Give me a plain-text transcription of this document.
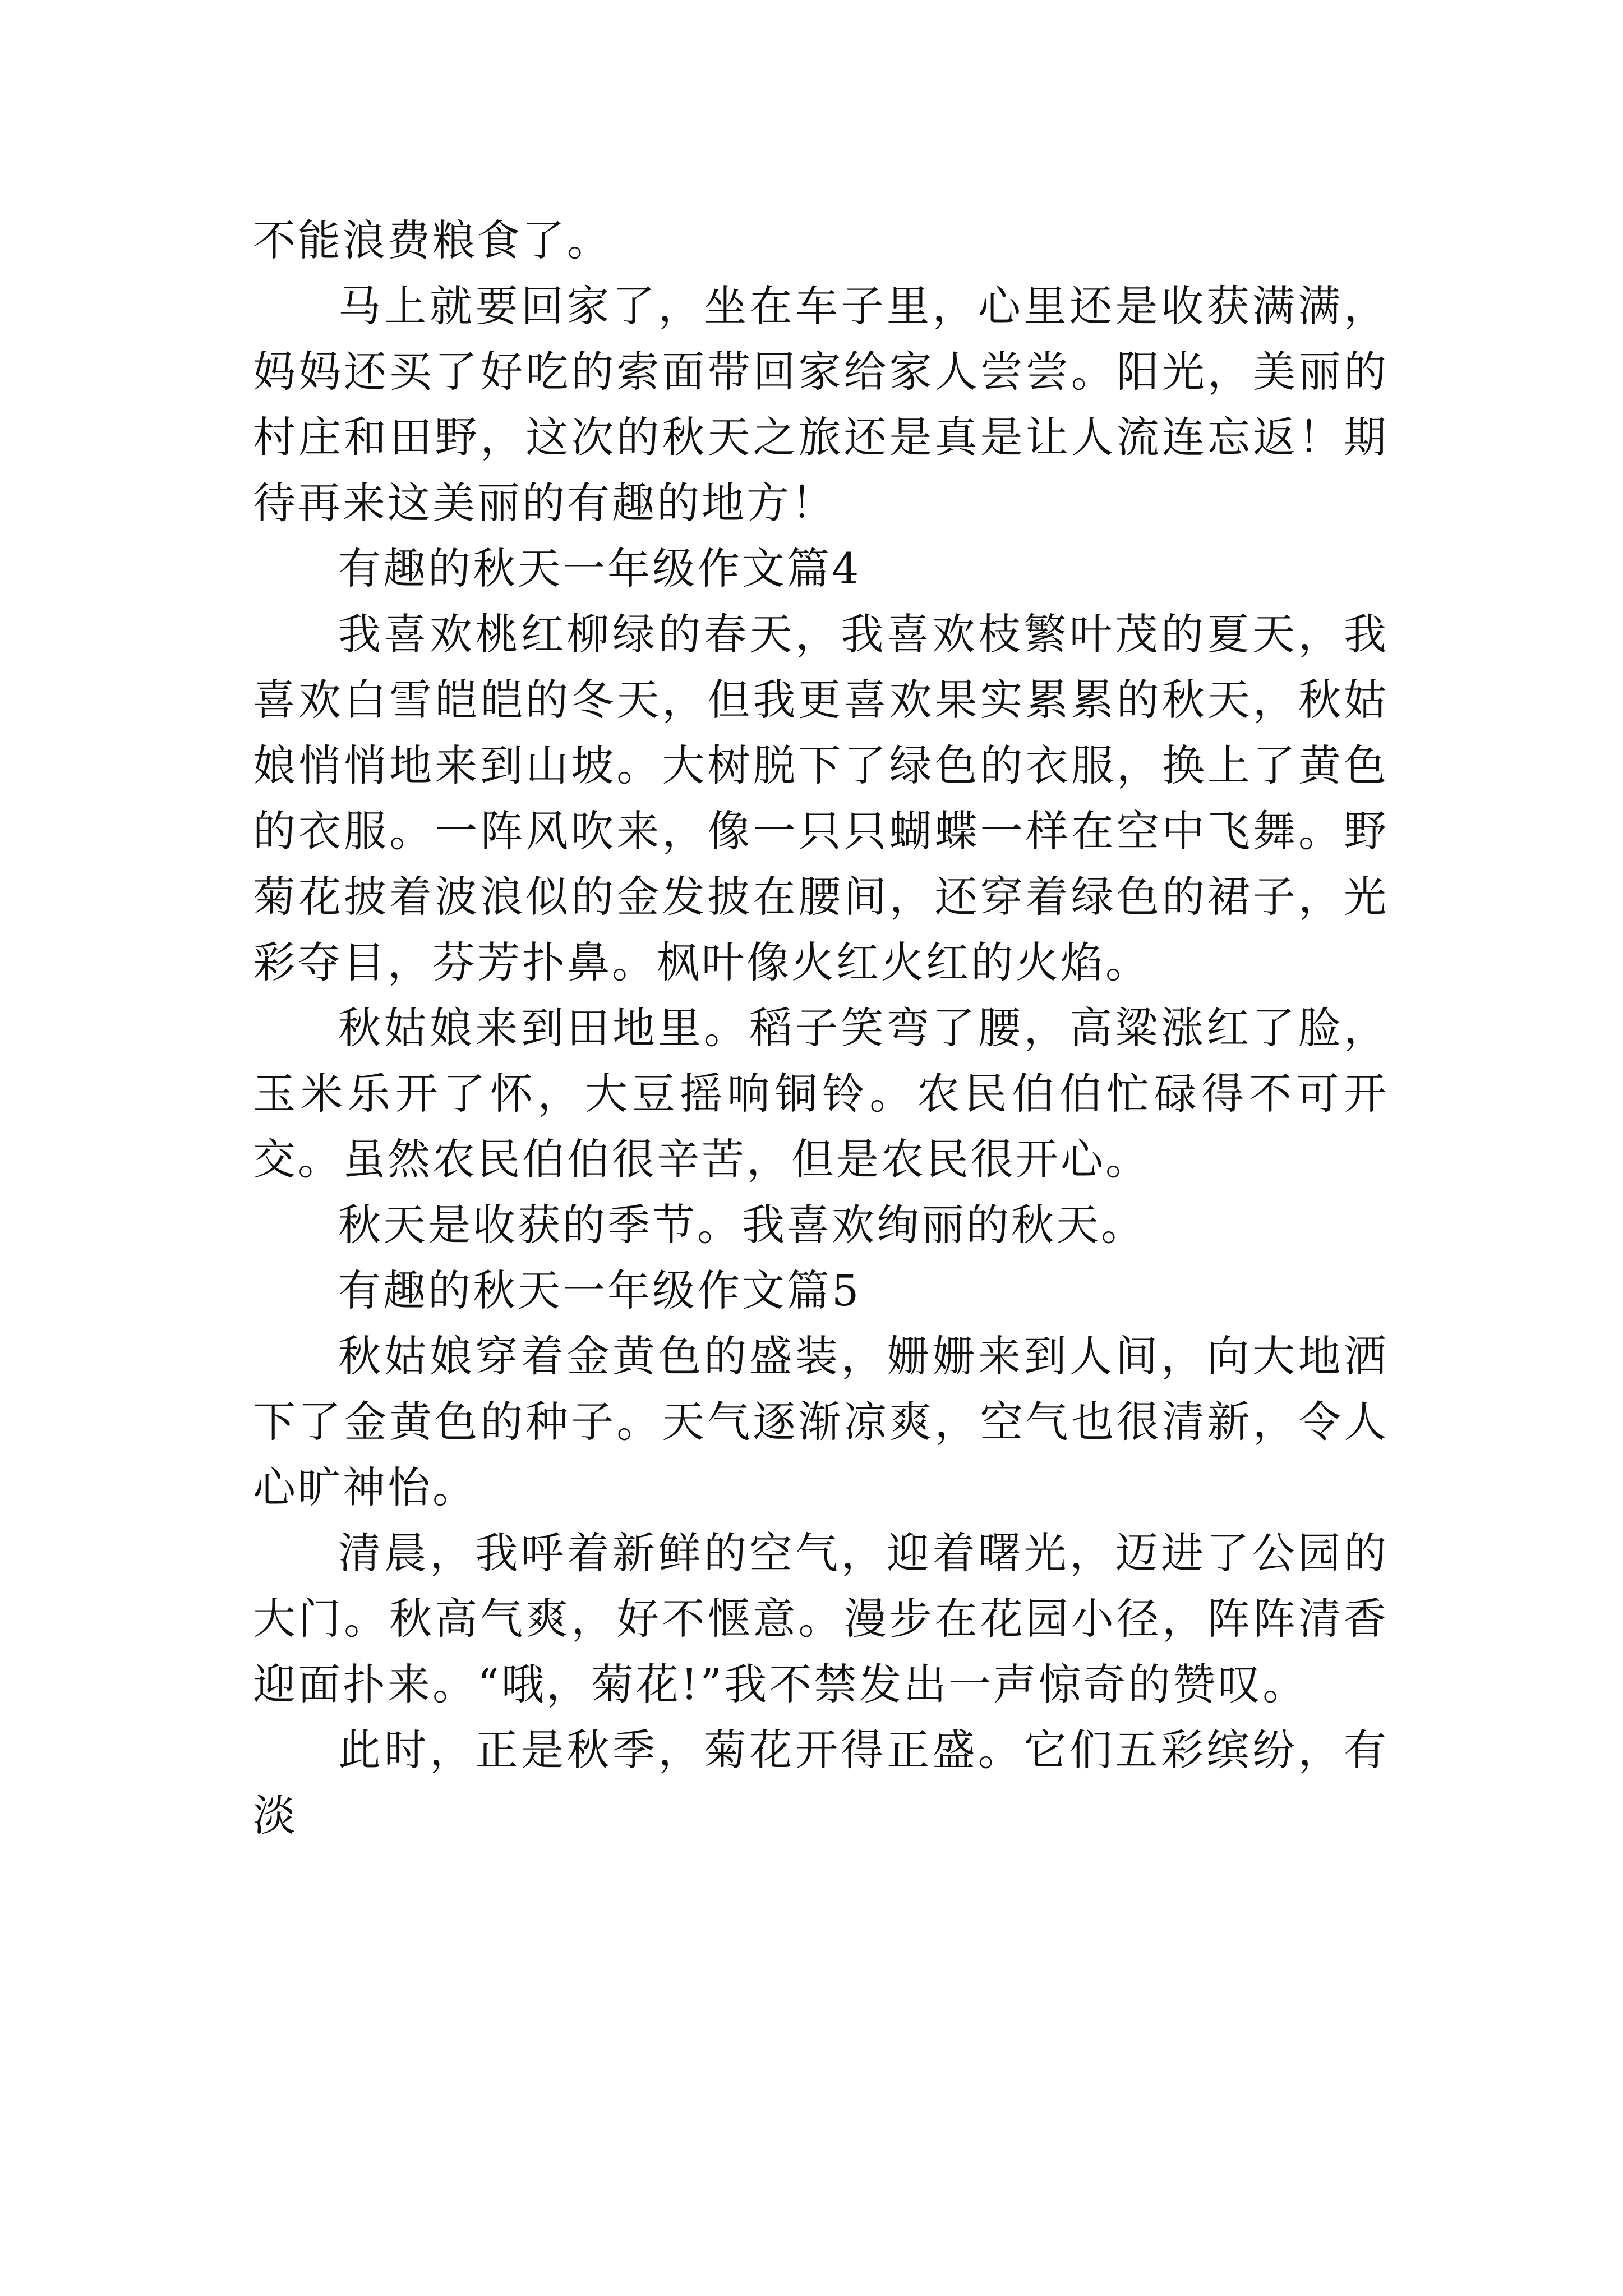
不能浪费粮食了。

马上就要回家了，坐在车子里，心里还是收获满满，妈妈还买了好吃的索面带回家给家人尝尝。阳光，美丽的村庄和田野，这次的秋天之旅还是真是让人流连忘返！期待再来这美丽的有趣的地方！

有趣的秋天一年级作文篇4

我喜欢桃红柳绿的春天，我喜欢枝繁叶茂的夏天，我喜欢白雪皑皑的冬天，但我更喜欢果实累累的秋天，秋姑娘悄悄地来到山坡。大树脱下了绿色的衣服，换上了黄色的衣服。一阵风吹来，像一只只蝴蝶一样在空中飞舞。野菊花披着波浪似的金发披在腰间，还穿着绿色的裙子，光彩夺目，芬芳扑鼻。枫叶像火红火红的火焰。

秋姑娘来到田地里。稻子笑弯了腰，高粱涨红了脸，玉米乐开了怀，大豆摇响铜铃。农民伯伯忙碌得不可开交。虽然农民伯伯很辛苦，但是农民很开心。

秋天是收获的季节。我喜欢绚丽的秋天。

有趣的秋天一年级作文篇5

秋姑娘穿着金黄色的盛装，姗姗来到人间，向大地洒下了金黄色的种子。天气逐渐凉爽，空气也很清新，令人心旷神怡。

清晨，我呼着新鲜的空气，迎着曙光，迈进了公园的大门。秋高气爽，好不惬意。漫步在花园小径，阵阵清香迎面扑来。“哦，菊花!”我不禁发出一声惊奇的赞叹。

此时，正是秋季，菊花开得正盛。它们五彩缤纷，有淡
